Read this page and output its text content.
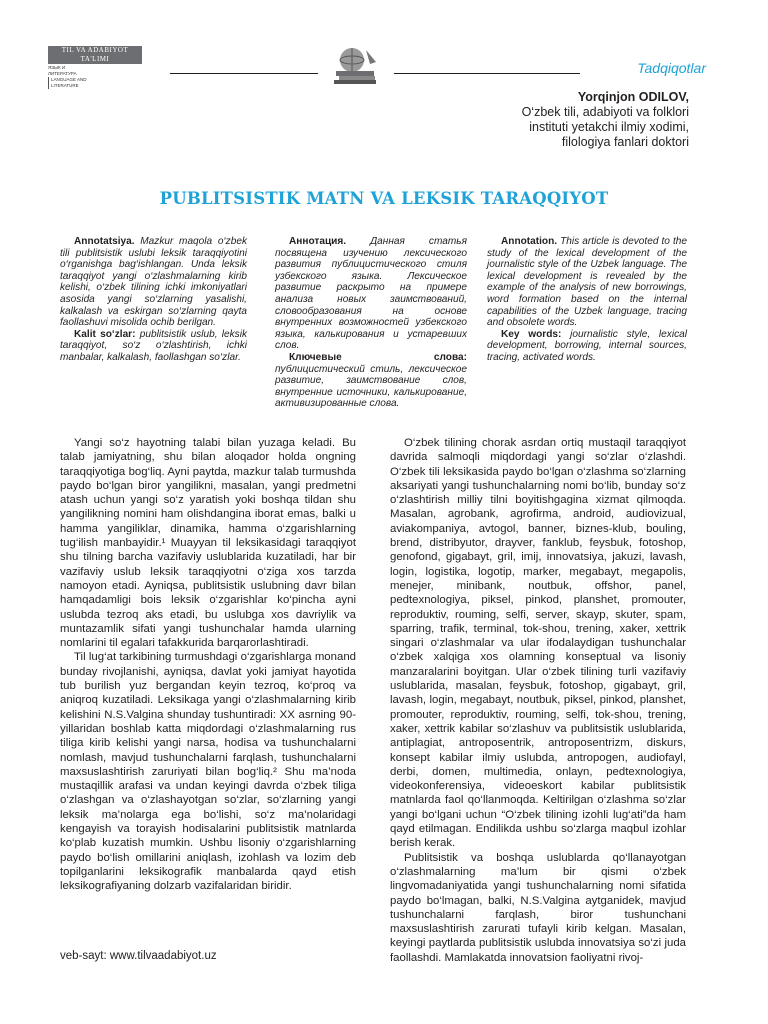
TIL VA ADABIYOT
TA'LIMI
ЯЗЫК И ЛИТЕРАТУРА LANGUAGE AND LITERATURE
Tadqiqotlar
Yorqinjon ODILOV,
O‘zbek tili, adabiyoti va folklori
instituti yetakchi ilmiy xodimi,
filologiya fanlari doktori
PUBLITSISTIK MATN VA LEKSIK TARAQQIYOT

Annotatsiya. Mazkur maqola o‘zbek tili publitsistik uslubi leksik taraqqiyotini o‘rganishga bag‘ishlangan. Unda leksik taraqqiyot yangi o‘zlashmalarning kirib kelishi, o‘zbek tilining ichki imkoniyatlari asosida yangi so‘zlarning yasalishi, kalkalash va eskirgan so‘zlarning qayta faollashuvi misolida ochib berilgan.

Kalit so‘zlar: publitsistik uslub, leksik taraqqiyot, so‘z o‘zlashtirish, ichki manbalar, kalkalash, faollashgan so‘zlar.

Аннотация. Данная статья посвящена изучению лексического развития публицистического стиля узбекского языка. Лексическое развитие раскрыто на примере анализа новых заимствований, словообразования на основе внутренних возможностей узбекского языка, калькирования и устаревших слов.

Ключевые слова: публицистический стиль, лексическое развитие, заимствование слов, внутренние источники, калькирование, активизированные слова.

Annotation. This article is devoted to the study of the lexical development of the journalistic style of the Uzbek language. The lexical development is revealed by the example of the analysis of new borrowings, word formation based on the internal capabilities of the Uzbek language, tracing and obsolete words.

Key words: journalistic style, lexical development, borrowing, internal sources, tracing, activated words.

Yangi so‘z hayotning talabi bilan yuzaga keladi. Bu talab jamiyatning, shu bilan aloqador holda ongning taraqqiyotiga bog‘liq. Ayni paytda, mazkur talab turmushda paydo bo‘lgan biror yangilikni, masalan, yangi predmetni atash uchun yangi so‘z yaratish yoki boshqa tildan shu yangilikning nomini ham olishdangina iborat emas, balki u hamma yangiliklar, dinamika, hamma o‘zgarishlarning tug‘ilish manbayidir.¹ Muayyan til leksikasidagi taraqqiyot shu tilning barcha vazifaviy uslublarida kuzatiladi, har bir vazifaviy uslub leksik taraqqiyotni o‘ziga xos tarzda namoyon etadi. Ayniqsa, publitsistik uslubning davr bilan hamqadamligi bois leksik o‘zgarishlar ko‘pincha ayni uslubda tezroq aks etadi, bu uslubga xos davriylik va muntazamlik sifati yangi tushunchalar hamda ularning nomlarini til egalari tafakkurida barqarorlashtiradi.

Til lug‘at tarkibining turmushdagi o‘zgarishlarga monand bunday rivojlanishi, ayniqsa, davlat yoki jamiyat hayotida tub burilish yuz bergandan keyin tezroq, ko‘proq va aniqroq kuzatiladi. Leksikaga yangi o‘zlashmalarning kirib kelishini N.S.Valgina shunday tushuntiradi: XX asrning 90-yillaridan boshlab katta miqdordagi o‘zlashmalarning rus tiliga kirib kelishi yangi narsa, hodisa va tushunchalarni nomlash, mavjud tushunchalarni farqlash, tushunchalarni maxsuslashtirish zaruriyati bilan bog‘liq.² Shu ma’noda mustaqillik arafasi va undan keyingi davrda o‘zbek tiliga o‘zlashgan va o‘zlashayotgan so‘zlar, so‘zlarning yangi leksik ma’nolarga ega bo‘lishi, so‘z ma’nolaridagi kengayish va torayish hodisalarini publitsistik matnlarda ko‘plab kuzatish mumkin. Ushbu lisoniy o‘zgarishlarning paydo bo‘lish omillarini aniqlash, izohlash va lozim deb topilganlarini leksikografik manbalarda qayd etish leksikografiyaning dolzarb vazifalaridan biridir.

O‘zbek tilining chorak asrdan ortiq mustaqil taraqqiyot davrida salmoqli miqdordagi yangi so‘zlar o‘zlashdi. O‘zbek tili leksikasida paydo bo‘lgan o‘zlashma so‘zlarning aksariyati yangi tushunchalarning nomi bo‘lib, bunday so‘z o‘zlashtirish milliy tilni boyitishgagina xizmat qilmoqda. Masalan, agrobank, agrofirma, android, audiovizual, aviakompaniya, avtogol, banner, biznes-klub, bouling, brend, distribyutor, drayver, fanklub, feysbuk, fotoshop, genofond, gigabayt, gril, imij, innovatsiya, jakuzi, lavash, login, logistika, logotip, marker, megabayt, megapolis, menejer, minibank, noutbuk, offshor, panel, pedtexnologiya, piksel, pinkod, planshet, promouter, reproduktiv, rouming, selfi, server, skayp, skuter, spam, sparring, trafik, terminal, tok-shou, trening, xaker, xettrik singari o‘zlashmalar va ular ifodalaydigan tushunchalar o‘zbek xalqiga xos olamning konseptual va lisoniy manzaralarini boyitgan. Ular o‘zbek tilining turli vazifaviy uslublarida, masalan, feysbuk, fotoshop, gigabayt, gril, lavash, login, megabayt, noutbuk, piksel, pinkod, planshet, promouter, reproduktiv, rouming, selfi, tok-shou, trening, xaker, xettrik kabilar so‘zlashuv va publitsistik uslublarida, antiplagiat, antroposentrik, antroposentrizm, diskurs, konsept kabilar ilmiy uslubda, antropogen, audiofayl, derbi, domen, multimedia, onlayn, pedtexnologiya, videokonferensiya, videoeskort kabilar publitsistik matnlarda faol qo‘llanmoqda. Keltirilgan o‘zlashma so‘zlar yangi bo‘lgani uchun “O‘zbek tilining izohli lug‘ati”da ham qayd etilmagan. Endilikda ushbu so‘zlarga maqbul izohlar berish kerak.

Publitsistik va boshqa uslublarda qo‘llanayotgan o‘zlashmalarning ma’lum bir qismi o‘zbek lingvomadaniyatida yangi tushunchalarning nomi sifatida paydo bo‘lmagan, balki, N.S.Valgina aytganidek, mavjud tushunchalarni farqlash, biror tushunchani maxsuslashtirish zarurati tufayli kirib kelgan. Masalan, keyingi paytlarda publitsistik uslubda innovatsiya so‘zi juda faollashdi. Mamlakatda innovatsion faoliyatni rivoj-

veb-sayt: www.tilvaadabiyot.uz
